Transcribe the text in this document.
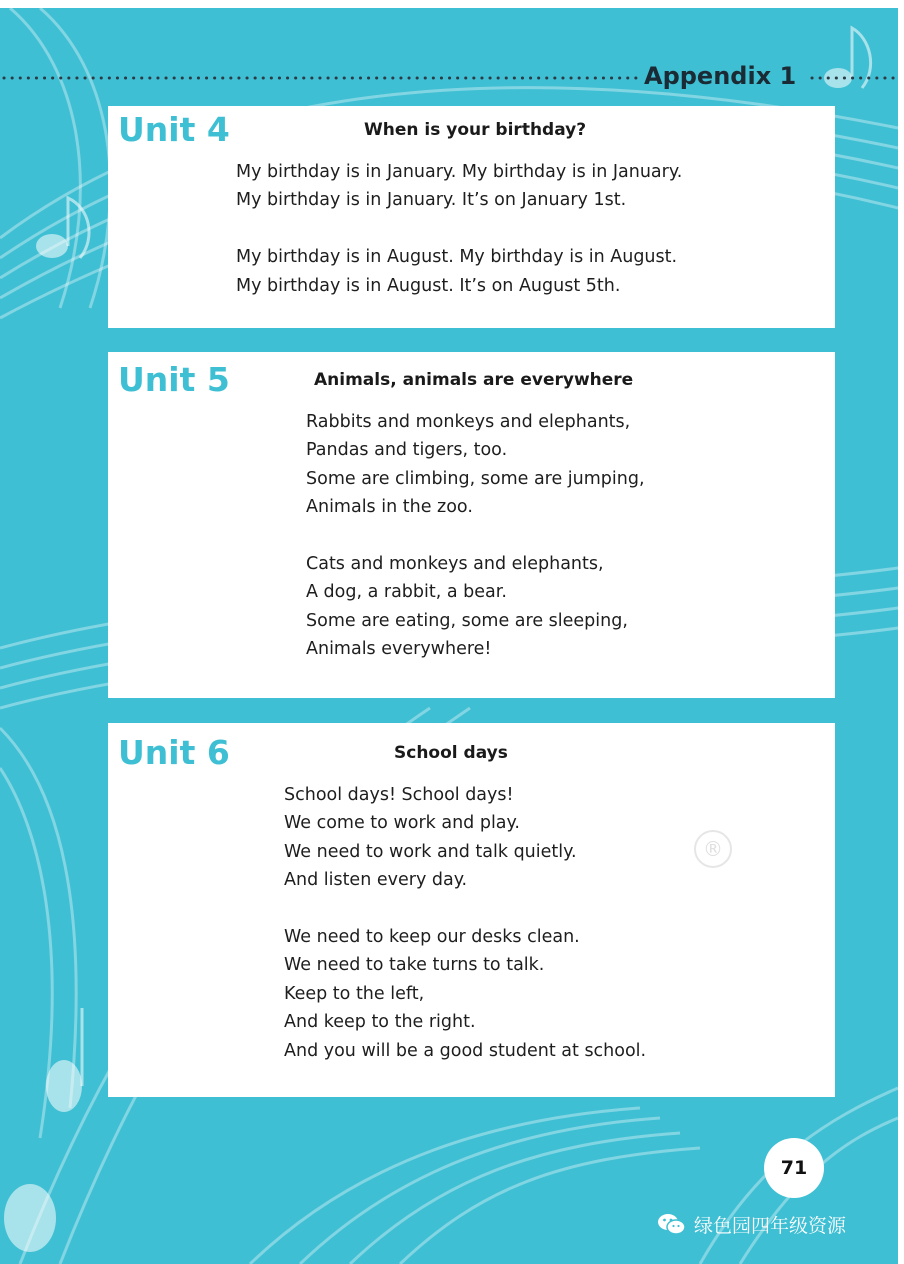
Appendix 1
Unit 4	When is your birthday?
My birthday is in January. My birthday is in January.
My birthday is in January. It’s on January 1st.
My birthday is in August. My birthday is in August.
My birthday is in August. It’s on August 5th.
Unit 5	Animals, animals are everywhere
Rabbits and monkeys and elephants,
Pandas and tigers, too.
Some are climbing, some are jumping,
Animals in the zoo.
Cats and monkeys and elephants,
A dog, a rabbit, a bear.
Some are eating, some are sleeping,
Animals everywhere!
Unit 6	School days
School days! School days!
We come to work and play.
We need to work and talk quietly.
And listen every day.
We need to keep our desks clean.
We need to take turns to talk.
Keep to the left,
And keep to the right.
And you will be a good student at school.
®
71
绿色园四年级资源
